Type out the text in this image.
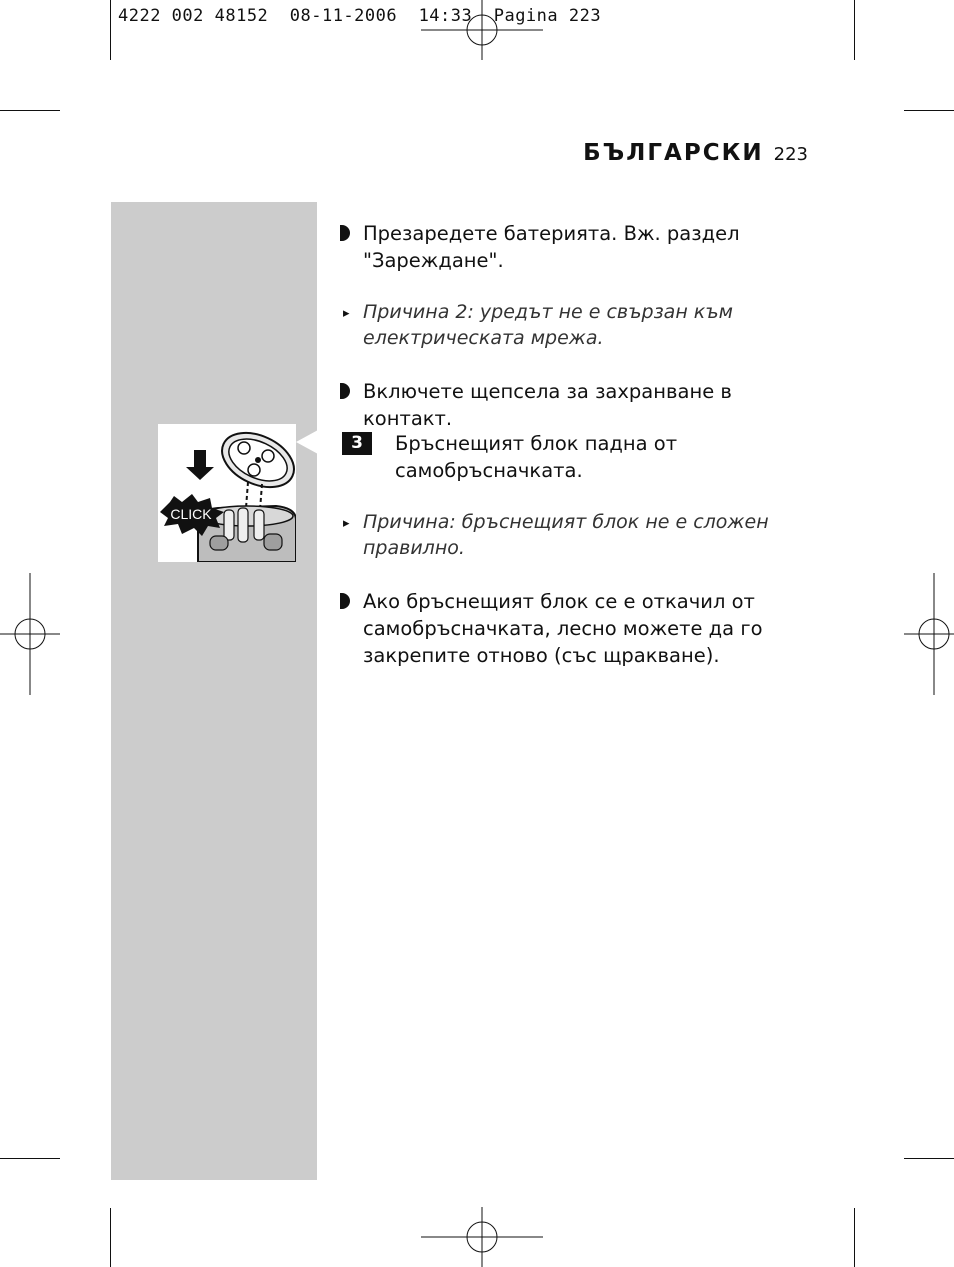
4222 002 48152  08-11-2006  14:33  Pagina 223
БЪЛГАРСКИ 223
CLICK
Презаредете батерията. Вж. раздел "Зареждане".
▸ Причина 2: уредът не е свързан към електрическата мрежа.
Включете щепсела за захранване в контакт.
3	Бръснещият блок падна от самобръсначката.
▸ Причина: бръснещият блок не е сложен правилно.
Ако бръснещият блок се е откачил от самобръсначката, лесно можете да го закрепите отново (със щракване).
